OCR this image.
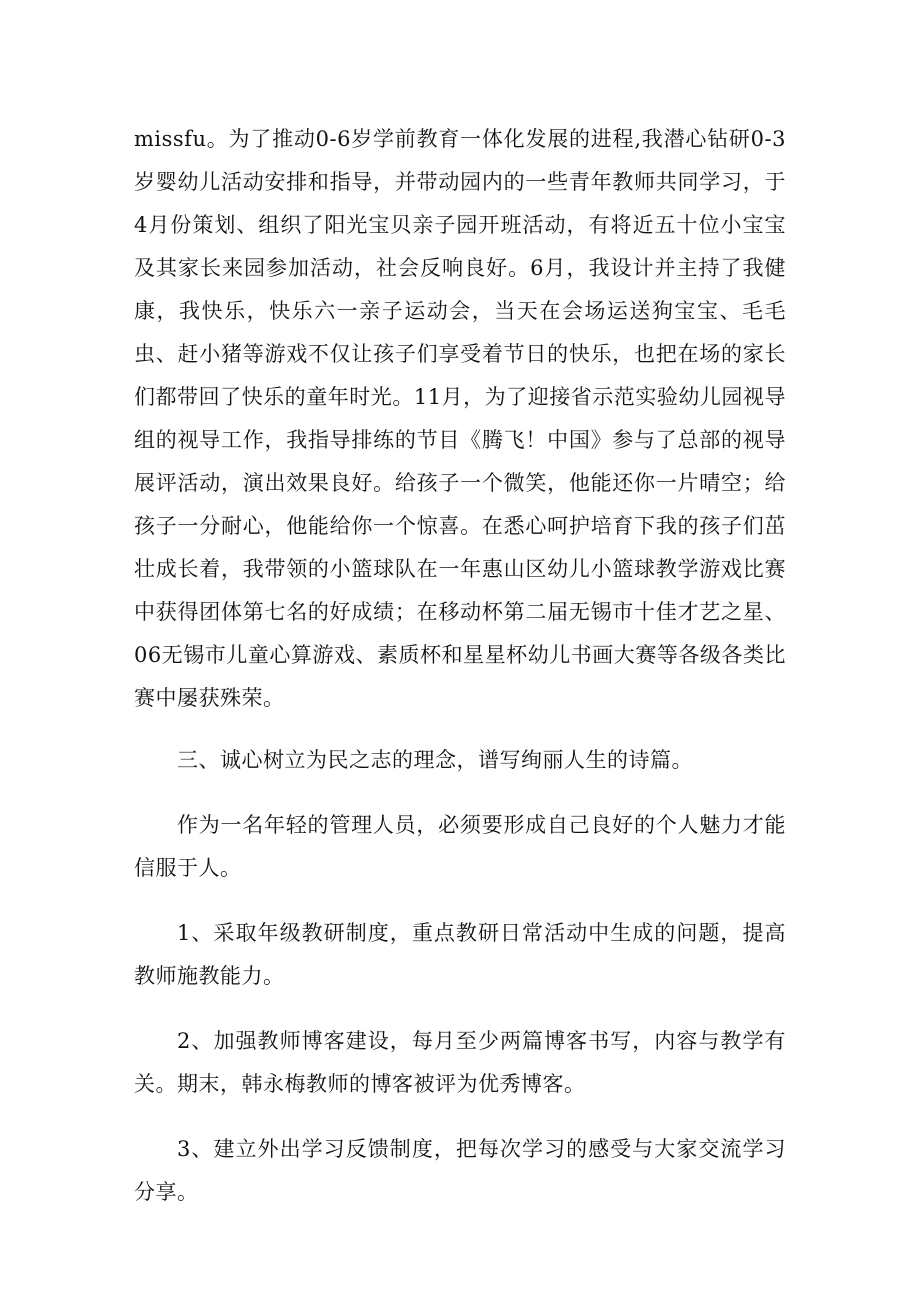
missfu。为了推动0-6岁学前教育一体化发展的进程,我潜心钻研0-3岁婴幼儿活动安排和指导，并带动园内的一些青年教师共同学习，于4月份策划、组织了阳光宝贝亲子园开班活动，有将近五十位小宝宝及其家长来园参加活动，社会反响良好。6月，我设计并主持了我健康，我快乐，快乐六一亲子运动会，当天在会场运送狗宝宝、毛毛虫、赶小猪等游戏不仅让孩子们享受着节日的快乐，也把在场的家长们都带回了快乐的童年时光。11月，为了迎接省示范实验幼儿园视导组的视导工作，我指导排练的节目《腾飞！中国》参与了总部的视导展评活动，演出效果良好。给孩子一个微笑，他能还你一片晴空；给孩子一分耐心，他能给你一个惊喜。在悉心呵护培育下我的孩子们茁壮成长着，我带领的小篮球队在一年惠山区幼儿小篮球教学游戏比赛中获得团体第七名的好成绩；在移动杯第二届无锡市十佳才艺之星、06无锡市儿童心算游戏、素质杯和星星杯幼儿书画大赛等各级各类比赛中屡获殊荣。

三、诚心树立为民之志的理念，谱写绚丽人生的诗篇。

作为一名年轻的管理人员，必须要形成自己良好的个人魅力才能信服于人。

1、采取年级教研制度，重点教研日常活动中生成的问题，提高教师施教能力。

2、加强教师博客建设，每月至少两篇博客书写，内容与教学有关。期末，韩永梅教师的博客被评为优秀博客。

3、建立外出学习反馈制度，把每次学习的感受与大家交流学习分享。
